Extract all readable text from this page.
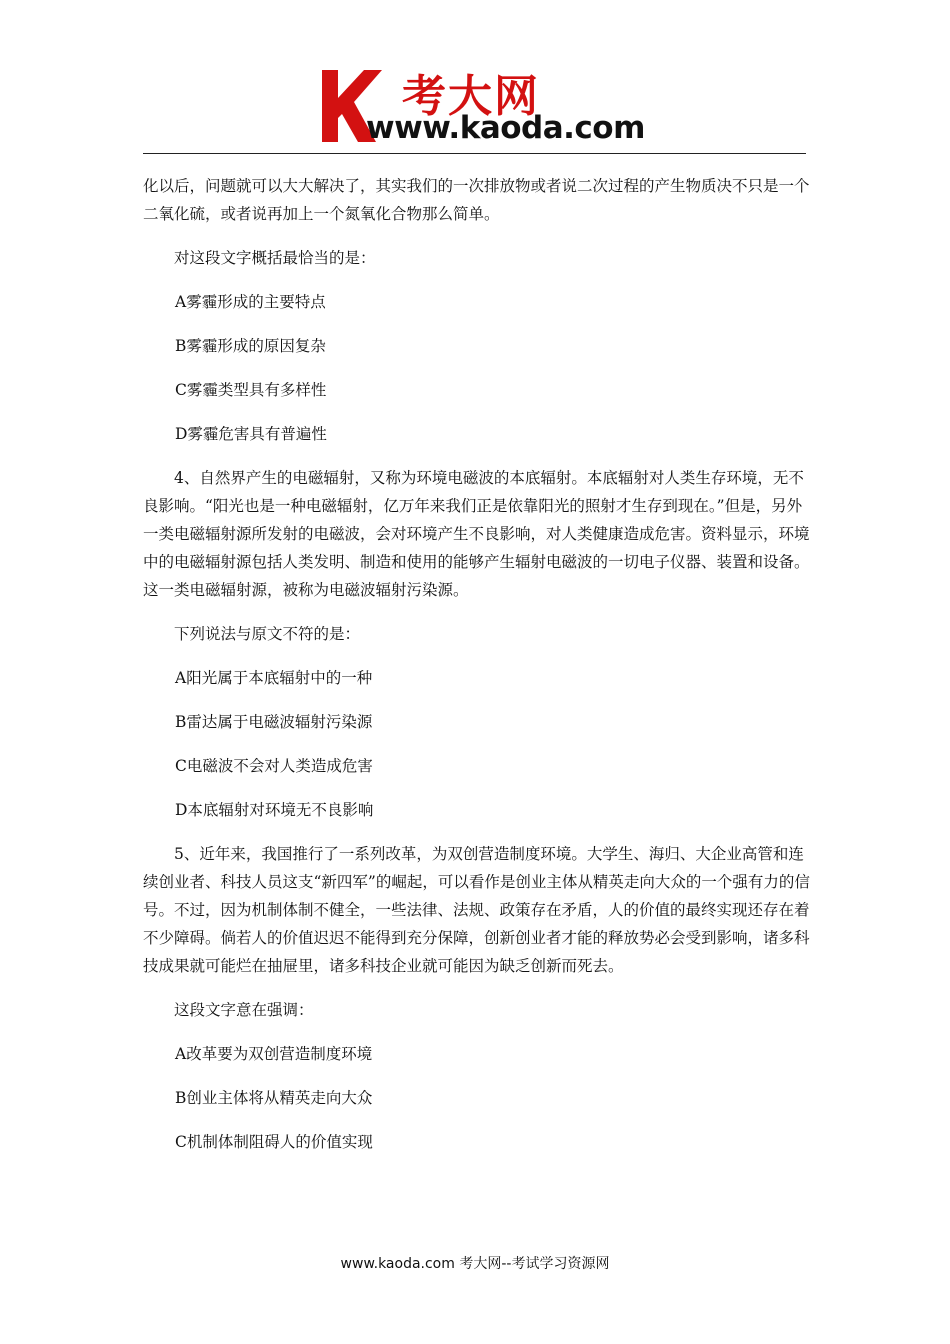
考大网
www.kaoda.com

化以后，问题就可以大大解决了，其实我们的一次排放物或者说二次过程的产生物质决不只是一个二氧化硫，或者说再加上一个氮氧化合物那么简单。

对这段文字概括最恰当的是：

A雾霾形成的主要特点

B雾霾形成的原因复杂

C雾霾类型具有多样性

D雾霾危害具有普遍性

4、自然界产生的电磁辐射，又称为环境电磁波的本底辐射。本底辐射对人类生存环境，无不良影响。“阳光也是一种电磁辐射，亿万年来我们正是依靠阳光的照射才生存到现在。”但是，另外一类电磁辐射源所发射的电磁波，会对环境产生不良影响，对人类健康造成危害。资料显示，环境中的电磁辐射源包括人类发明、制造和使用的能够产生辐射电磁波的一切电子仪器、装置和设备。这一类电磁辐射源，被称为电磁波辐射污染源。

下列说法与原文不符的是：

A阳光属于本底辐射中的一种

B雷达属于电磁波辐射污染源

C电磁波不会对人类造成危害

D本底辐射对环境无不良影响

5、近年来，我国推行了一系列改革，为双创营造制度环境。大学生、海归、大企业高管和连续创业者、科技人员这支“新四军”的崛起，可以看作是创业主体从精英走向大众的一个强有力的信号。不过，因为机制体制不健全，一些法律、法规、政策存在矛盾，人的价值的最终实现还存在着不少障碍。倘若人的价值迟迟不能得到充分保障，创新创业者才能的释放势必会受到影响，诸多科技成果就可能烂在抽屉里，诸多科技企业就可能因为缺乏创新而死去。

这段文字意在强调：

A改革要为双创营造制度环境

B创业主体将从精英走向大众

C机制体制阻碍人的价值实现

www.kaoda.com 考大网--考试学习资源网
